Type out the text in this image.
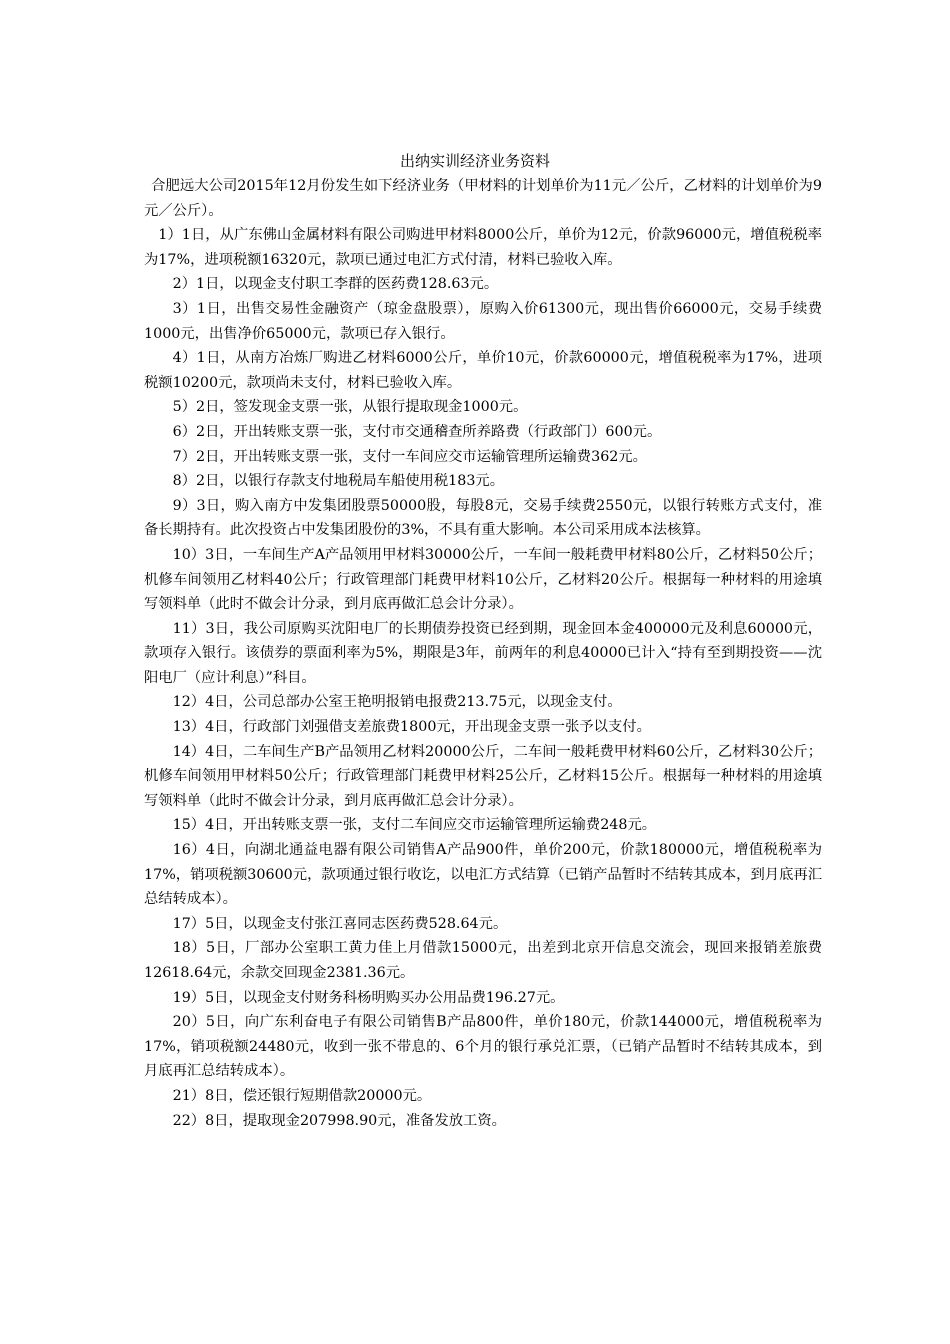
出纳实训经济业务资料

合肥远大公司2015年12月份发生如下经济业务（甲材料的计划单价为11元／公斤，乙材料的计划单价为9元／公斤）。

1）1日，从广东佛山金属材料有限公司购进甲材料8000公斤，单价为12元，价款96000元，增值税税率为17%，进项税额16320元，款项已通过电汇方式付清，材料已验收入库。

2）1日，以现金支付职工李群的医药费128.63元。

3）1日，出售交易性金融资产（琼金盘股票），原购入价61300元，现出售价66000元，交易手续费1000元，出售净价65000元，款项已存入银行。

4）1日，从南方冶炼厂购进乙材料6000公斤，单价10元，价款60000元，增值税税率为17%，进项税额10200元，款项尚未支付，材料已验收入库。

5）2日，签发现金支票一张，从银行提取现金1000元。

6）2日，开出转账支票一张，支付市交通稽查所养路费（行政部门）600元。

7）2日，开出转账支票一张，支付一车间应交市运输管理所运输费362元。

8）2日，以银行存款支付地税局车船使用税183元。

9）3日，购入南方中发集团股票50000股，每股8元，交易手续费2550元，以银行转账方式支付，准备长期持有。此次投资占中发集团股份的3%，不具有重大影响。本公司采用成本法核算。

10）3日，一车间生产A产品领用甲材料30000公斤，一车间一般耗费甲材料80公斤，乙材料50公斤；机修车间领用乙材料40公斤；行政管理部门耗费甲材料10公斤，乙材料20公斤。根据每一种材料的用途填写领料单（此时不做会计分录，到月底再做汇总会计分录）。

11）3日，我公司原购买沈阳电厂的长期债券投资已经到期，现金回本金400000元及利息60000元，款项存入银行。该债券的票面利率为5%，期限是3年，前两年的利息40000已计入“持有至到期投资——沈阳电厂（应计利息）”科目。

12）4日，公司总部办公室王艳明报销电报费213.75元，以现金支付。

13）4日，行政部门刘强借支差旅费1800元，开出现金支票一张予以支付。

14）4日，二车间生产B产品领用乙材料20000公斤，二车间一般耗费甲材料60公斤，乙材料30公斤；机修车间领用甲材料50公斤；行政管理部门耗费甲材料25公斤，乙材料15公斤。根据每一种材料的用途填写领料单（此时不做会计分录，到月底再做汇总会计分录）。

15）4日，开出转账支票一张，支付二车间应交市运输管理所运输费248元。

16）4日，向湖北通益电器有限公司销售A产品900件，单价200元，价款180000元，增值税税率为17%，销项税额30600元，款项通过银行收讫，以电汇方式结算（已销产品暂时不结转其成本，到月底再汇总结转成本）。

17）5日，以现金支付张江喜同志医药费528.64元。

18）5日，厂部办公室职工黄力佳上月借款15000元，出差到北京开信息交流会，现回来报销差旅费12618.64元，余款交回现金2381.36元。

19）5日，以现金支付财务科杨明购买办公用品费196.27元。

20）5日，向广东利奋电子有限公司销售B产品800件，单价180元，价款144000元，增值税税率为17%，销项税额24480元，收到一张不带息的、6个月的银行承兑汇票，（已销产品暂时不结转其成本，到月底再汇总结转成本）。

21）8日，偿还银行短期借款20000元。

22）8日，提取现金207998.90元，准备发放工资。
